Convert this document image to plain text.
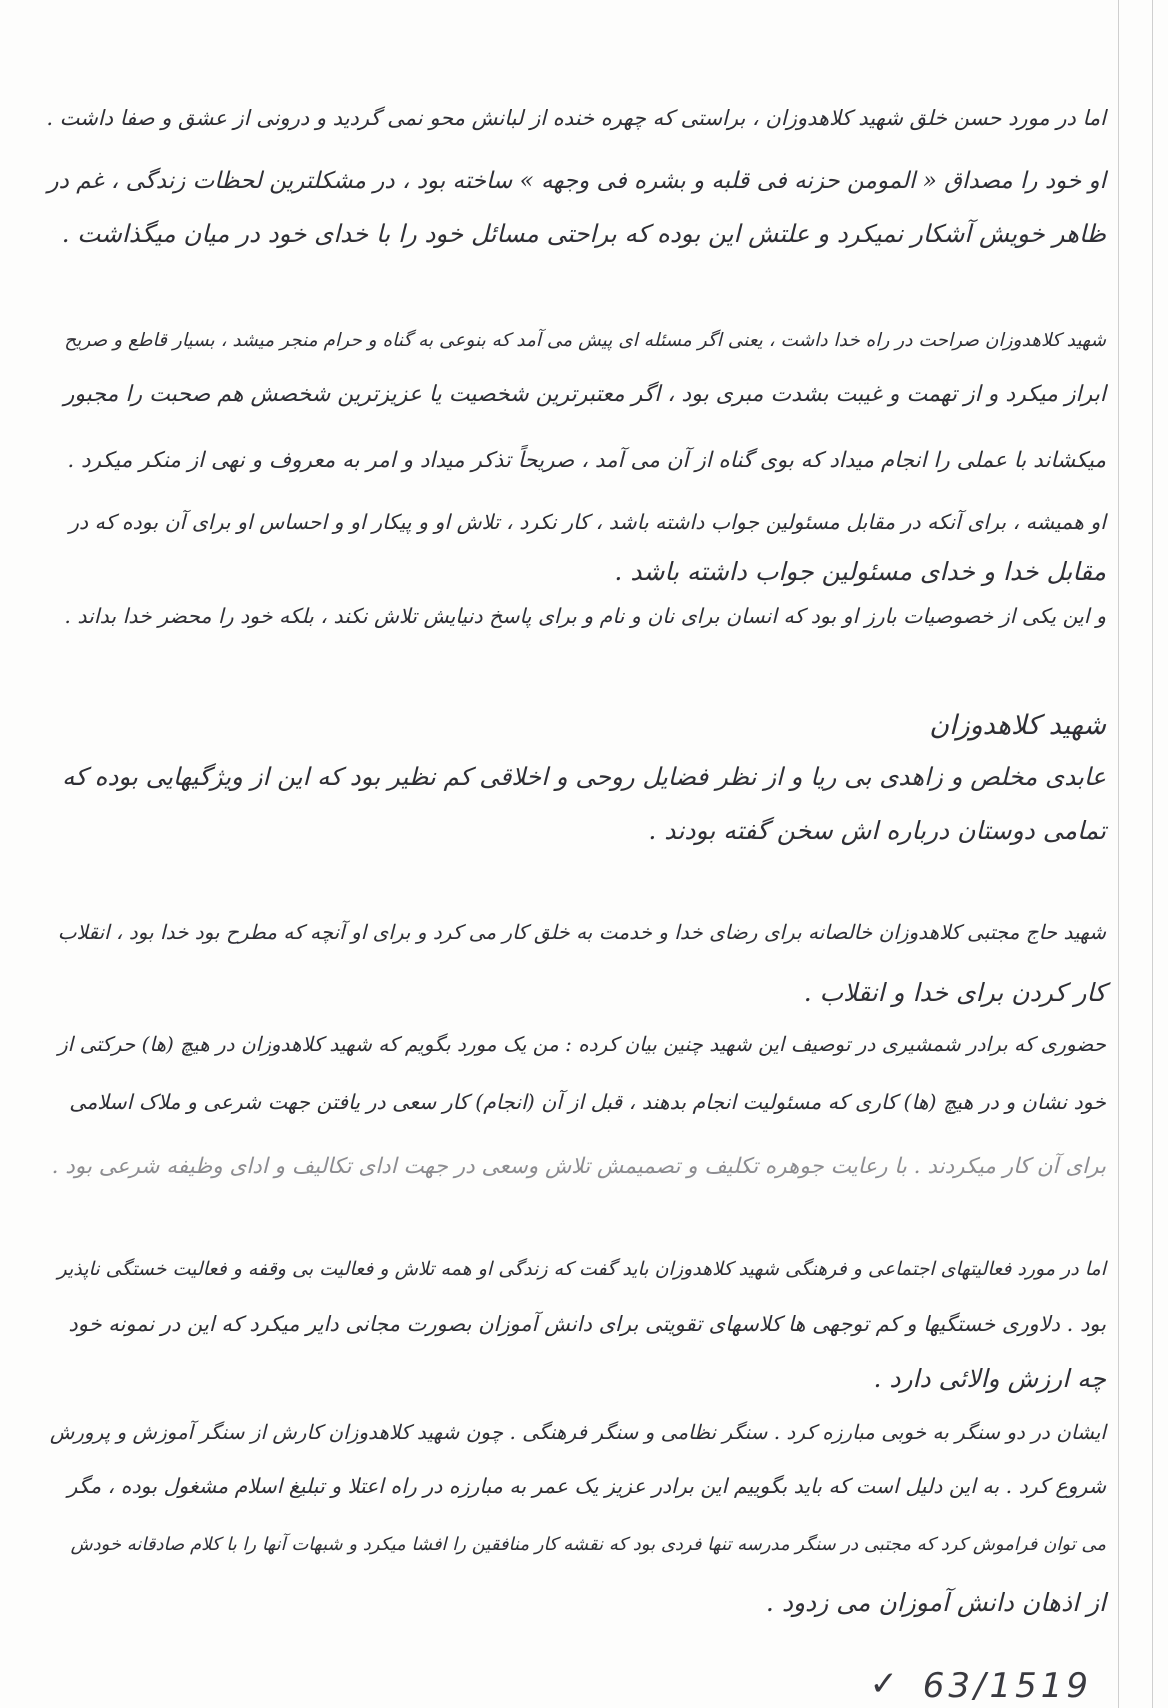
اما در مورد حسن خلق شهید کلاهدوزان ، براستی که چهره خنده از لبانش محو نمی گردید و درونی از عشق و صفا داشت .
او خود را مصداق « المومن حزنه فی قلبه و بشره فی وجهه » ساخته بود ، در مشکلترین لحظات زندگی ، غم در
ظاهر خویش آشکار نمیکرد و علتش این بوده که براحتی مسائل خود را با خدای خود در میان میگذاشت .
شهید کلاهدوزان صراحت در راه خدا داشت ، یعنی اگر مسئله ای پیش می آمد که بنوعی به گناه و حرام منجر میشد ، بسیار قاطع و صریح
ابراز میکرد و از تهمت و غیبت بشدت مبری بود ، اگر معتبرترین شخصیت یا عزیزترین شخصش هم صحبت را مجبور
میکشاند با عملی را انجام میداد که بوی گناه از آن می آمد ، صریحاً تذکر میداد و امر به معروف و نهی از منکر میکرد .
او همیشه ، برای آنکه در مقابل مسئولین جواب داشته باشد ، کار نکرد ، تلاش او و پیکار او و احساس او برای آن بوده که در
مقابل خدا و خدای مسئولین جواب داشته باشد .
و این یکی از خصوصیات بارز او بود که انسان برای نان و نام و برای پاسخ دنیایش تلاش نکند ، بلکه خود را محضر خدا بداند .
شهید کلاهدوزان
عابدی مخلص و زاهدی بی ریا و از نظر فضایل روحی و اخلاقی کم نظیر بود که این از ویژگیهایی بوده که
تمامی دوستان درباره اش سخن گفته بودند .
شهید حاج مجتبی کلاهدوزان خالصانه برای رضای خدا و خدمت به خلق کار می کرد و برای او آنچه که مطرح بود خدا بود ، انقلاب
کار کردن برای خدا و انقلاب .
حضوری که برادر شمشیری در توصیف این شهید چنین بیان کرده : من یک مورد بگویم که شهید کلاهدوزان در هیچ (ها) حرکتی از
خود نشان و در هیچ (ها) کاری که مسئولیت انجام بدهند ، قبل از آن (انجام) کار سعی در یافتن جهت شرعی و ملاک اسلامی
برای آن کار میکردند . با رعایت جوهره تکلیف و تصمیمش تلاش وسعی در جهت ادای تکالیف و ادای وظیفه شرعی بود .
اما در مورد فعالیتهای اجتماعی و فرهنگی شهید کلاهدوزان باید گفت که زندگی او همه تلاش و فعالیت بی وقفه و فعالیت خستگی ناپذیر
بود . دلاوری خستگیها و کم توجهی ها کلاسهای تقویتی برای دانش آموزان بصورت مجانی دایر میکرد که این در نمونه خود
چه ارزش والائی دارد .
ایشان در دو سنگر به خوبی مبارزه کرد . سنگر نظامی و سنگر فرهنگی . چون شهید کلاهدوزان کارش از سنگر آموزش و پرورش
شروع کرد . به این دلیل است که باید بگوییم این برادر عزیز یک عمر به مبارزه در راه اعتلا و تبلیغ اسلام مشغول بوده ، مگر
می توان فراموش کرد که مجتبی در سنگر مدرسه تنها فردی بود که نقشه کار منافقین را افشا میکرد و شبهات آنها را با کلام صادقانه خودش
از اذهان دانش آموزان می زدود .
✓ 63/1519
